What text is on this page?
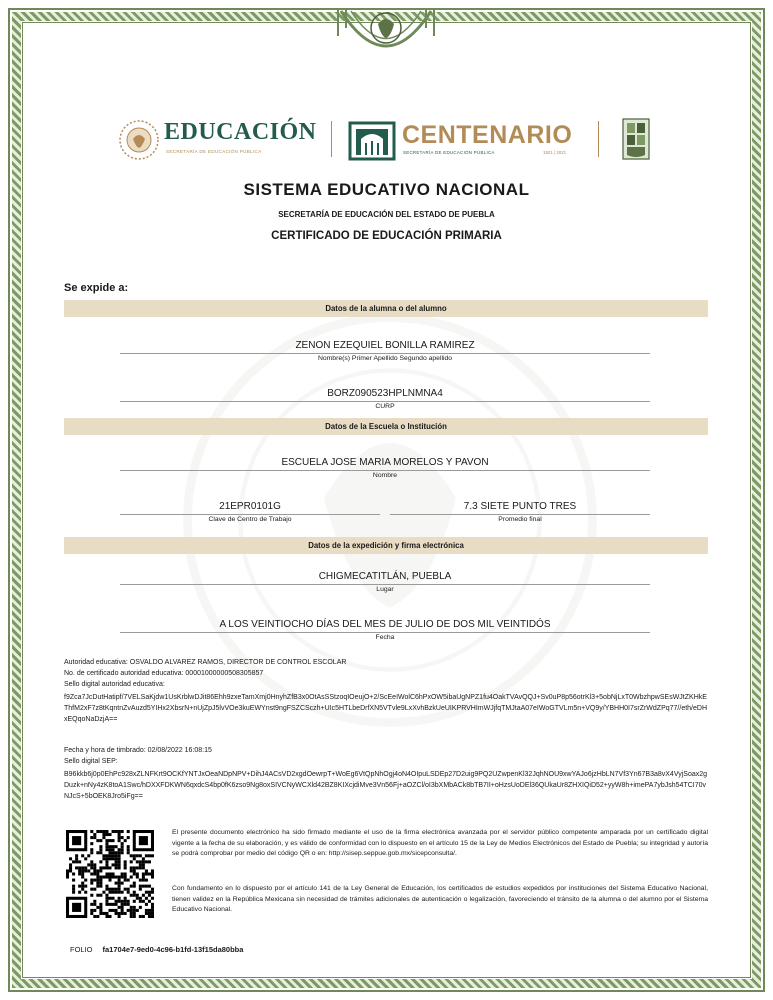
EDUCACIÓN
SECRETARÍA DE EDUCACIÓN PÚBLICA
CENTENARIO
SECRETARÍA DE EDUCACIÓN PÚBLICA	1921 | 2021
SISTEMA EDUCATIVO NACIONAL
SECRETARÍA DE EDUCACIÓN DEL ESTADO DE PUEBLA
CERTIFICADO DE EDUCACIÓN PRIMARIA
Se expide a:
Datos de la alumna o del alumno
ZENON EZEQUIEL BONILLA RAMIREZ
Nombre(s) Primer Apellido Segundo apellido
BORZ090523HPLNMNA4
CURP
Datos de la Escuela o Institución
ESCUELA JOSE MARIA MORELOS Y PAVON
Nombre
21EPR0101G
Clave de Centro de Trabajo
7.3 SIETE PUNTO TRES
Promedio final
Datos de la expedición y firma electrónica
CHIGMECATITLÁN, PUEBLA
Lugar
A LOS VEINTIOCHO DÍAS DEL MES DE JULIO DE DOS MIL VEINTIDÓS
Fecha
Autoridad educativa: OSVALDO ALVAREZ RAMOS, DIRECTOR DE CONTROL ESCOLAR
No. de certificado autoridad educativa: 00001000000508305857
Sello digital autoridad educativa:
f9Zca7JcDutHatipf/7VELSaKjdw1UsKrblwDJit86Ehh9zxeTamXmj0HnyhZfB3x0OtAsSStzoqIOeujO+2/ScEeIWolC6hPxOW5ibaUgNPZ1fu4OakTVAvQQJ+Sv0uP8p56otrKl3+5obNjLxT0WbzhpwSEsWJtZKHkEThfM2xF7z8tKqntnZvAuzd5YIHx2XbsrN+nUjZpJ5lvVOe3kuEWYnst9ngFSZCSczh+UIc5HTLbeDrfXN5VTvle9LxXvhBzkUeUIKPRVHImWJjfqTMJtaA07eIWoGTVLm5n+VQ9y/YBHH0I7srZrWdZPq77//eth/eDHxEQqoNaDzjA==
Fecha y hora de timbrado: 02/08/2022 16:08:15
Sello digital SEP:
B96kkb6j0p0EhPc928xZLNFKrt9OCKfYNTJxOeaNDpNPV+DihJ4ACsVD2xgdOewrpT+WoEg6VtQpNhOgj4oN4OIpuLSDEp27D2uig9PQ2UZwpenKl32JqhNOU9xwYAJo6jzHbLN7Vf3Yn67B3a8vX4VyjSoax2gDuzk+nNy4zK8toA1Swc/hDXXFDKWN6qxdcS4bp0fK6zso9Ng8oxSIVCNyWCXld42BZ8KIXcjdiMve3Vn56Fj+aOZCl/oI3bXMbACk8bTB7II+oHzsUoDEl36QUkaUr8ZHXIQiD52+yyW8h+imePA7ybJsh54TCI70vNJcS+5bOEK8Jro5iFg==
El presente documento electrónico ha sido firmado mediante el uso de la firma electrónica avanzada por el servidor público competente amparada por un certificado digital vigente a la fecha de su elaboración, y es válido de conformidad con lo dispuesto en el artículo 15 de la Ley de Medios Electrónicos del Estado de Puebla; su integridad y autoría se podrá comprobar por medio del código QR o en: http://sisep.seppue.gob.mx/sicepconsulta/.
Con fundamento en lo dispuesto por el artículo 141 de la Ley General de Educación, los certificados de estudios expedidos por instituciones del Sistema Educativo Nacional, tienen validez en la República Mexicana sin necesidad de trámites adicionales de autenticación o legalización, favoreciendo el tránsito de la alumna o del alumno por el Sistema Educativo Nacional.
FOLIO fa1704e7-9ed0-4c96-b1fd-13f15da80bba
